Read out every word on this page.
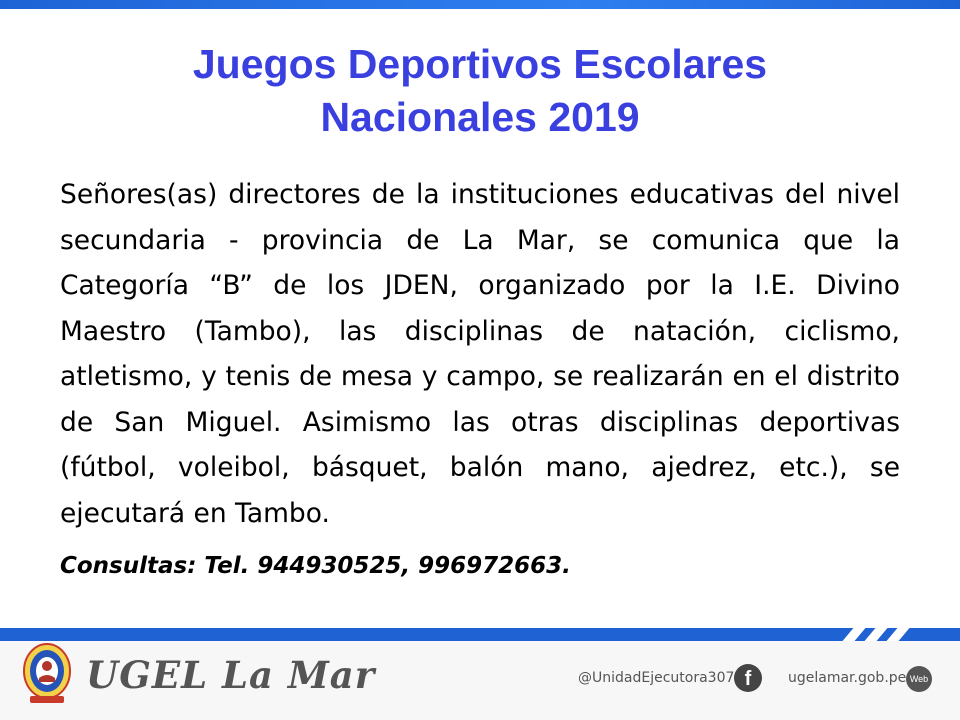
Juegos Deportivos Escolares
Nacionales 2019

Señores(as) directores de la instituciones educativas del nivel secundaria - provincia de La Mar, se comunica que la Categoría “B” de los JDEN, organizado por la I.E. Divino Maestro (Tambo), las disciplinas de natación, ciclismo, atletismo, y tenis de mesa y campo, se realizarán en el distrito de San Miguel. Asimismo las otras disciplinas deportivas (fútbol, voleibol, básquet, balón mano, ajedrez, etc.), se ejecutará en Tambo.

Consultas: Tel. 944930525, 996972663.

UGEL La Mar	@UnidadEjecutora307 f	ugelamar.gob.pe Web
